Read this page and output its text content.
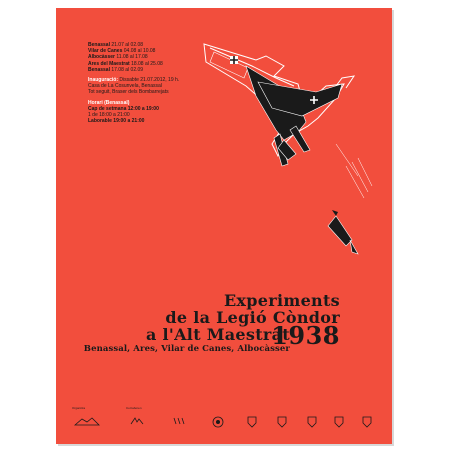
Benassal 21.07 al 02.08
Vilar de Canes 04.08 al 10.08
Albocàsser 11.08 al 17.08
Ares del Maestrat 18.08 al 25.08
Benassal 17.08 al 02.09
Inauguració: Dissabte 21.07.2012, 19 h.
Casa de La Cosunvela, Benassal
Tot seguit, Braser dels Bombarrejats
Horari (Benassal)
Cap de setmana 12:00 a 19:00
1 de 18:00 a 21:00
Laborable 19:00 a 21:00
Experiments
de la Legió Còndor
a l'Alt Maestrat
1938
Benassal, Ares, Vilar de Canes, Albocàsser
Organitza	Col·laboren
